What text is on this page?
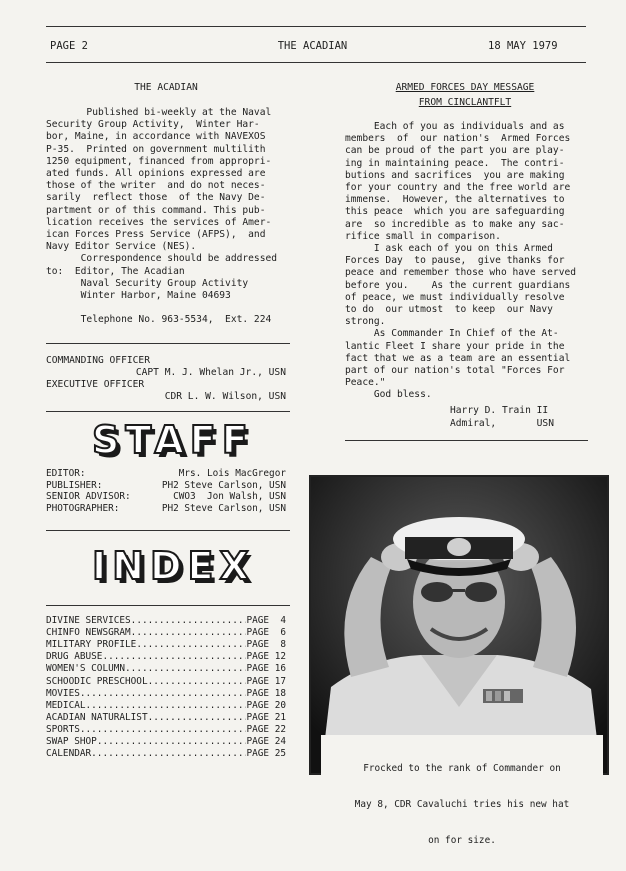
PAGE 2	THE ACADIAN	18 MAY 1979
THE ACADIAN
Published bi-weekly at the Naval
Security Group Activity,  Winter Har-
bor, Maine, in accordance with NAVEXOS
P-35.  Printed on government multilith
1250 equipment, financed from appropri-
ated funds. All opinions expressed are
those of the writer  and do not neces-
sarily  reflect those  of the Navy De-
partment or of this command. This pub-
lication receives the services of Amer-
ican Forces Press Service (AFPS),  and
Navy Editor Service (NES).
Correspondence should be addressed
to:  Editor, The Acadian
Naval Security Group Activity
Winter Harbor, Maine 04693
Telephone No. 963-5534,  Ext. 224
COMMANDING OFFICER
CAPT M. J. Whelan Jr., USN
EXECUTIVE OFFICER
CDR L. W. Wilson, USN
STAFF
EDITOR:	Mrs. Lois MacGregor
PUBLISHER:	PH2 Steve Carlson, USN
SENIOR ADVISOR:	CWO3  Jon Walsh, USN
PHOTOGRAPHER:	PH2 Steve Carlson, USN
INDEX
DIVINE SERVICES .....	PAGE  4
CHINFO NEWSGRAM .....	PAGE  6
MILITARY PROFILE .....	PAGE  8
DRUG ABUSE .....	PAGE 12
WOMEN'S COLUMN .....	PAGE 16
SCHOODIC PRESCHOOL .....	PAGE 17
MOVIES .....	PAGE 18
MEDICAL .....	PAGE 20
ACADIAN NATURALIST .....	PAGE 21
SPORTS .....	PAGE 22
SWAP SHOP .....	PAGE 24
CALENDAR .....	PAGE 25
ARMED FORCES DAY MESSAGE
FROM CINCLANTFLT
Each of you as individuals and as
members  of  our nation's  Armed Forces
can be proud of the part you are play-
ing in maintaining peace.  The contri-
butions and sacrifices  you are making
for your country and the free world are
immense.  However, the alternatives to
this peace  which you are safeguarding
are  so incredible as to make any sac-
rifice small in comparison.
I ask each of you on this Armed
Forces Day  to pause,  give thanks for
peace and remember those who have served
before you.    As the current guardians
of peace, we must individually resolve
to do  our utmost  to keep  our Navy
strong.
As Commander In Chief of the At-
lantic Fleet I share your pride in the
fact that we as a team are an essential
part of our nation's total "Forces For
Peace."
God bless.
Harry D. Train II
Admiral,       USN

Frocked to the rank of Commander on

May 8, CDR Cavaluchi tries his new hat

on for size.
